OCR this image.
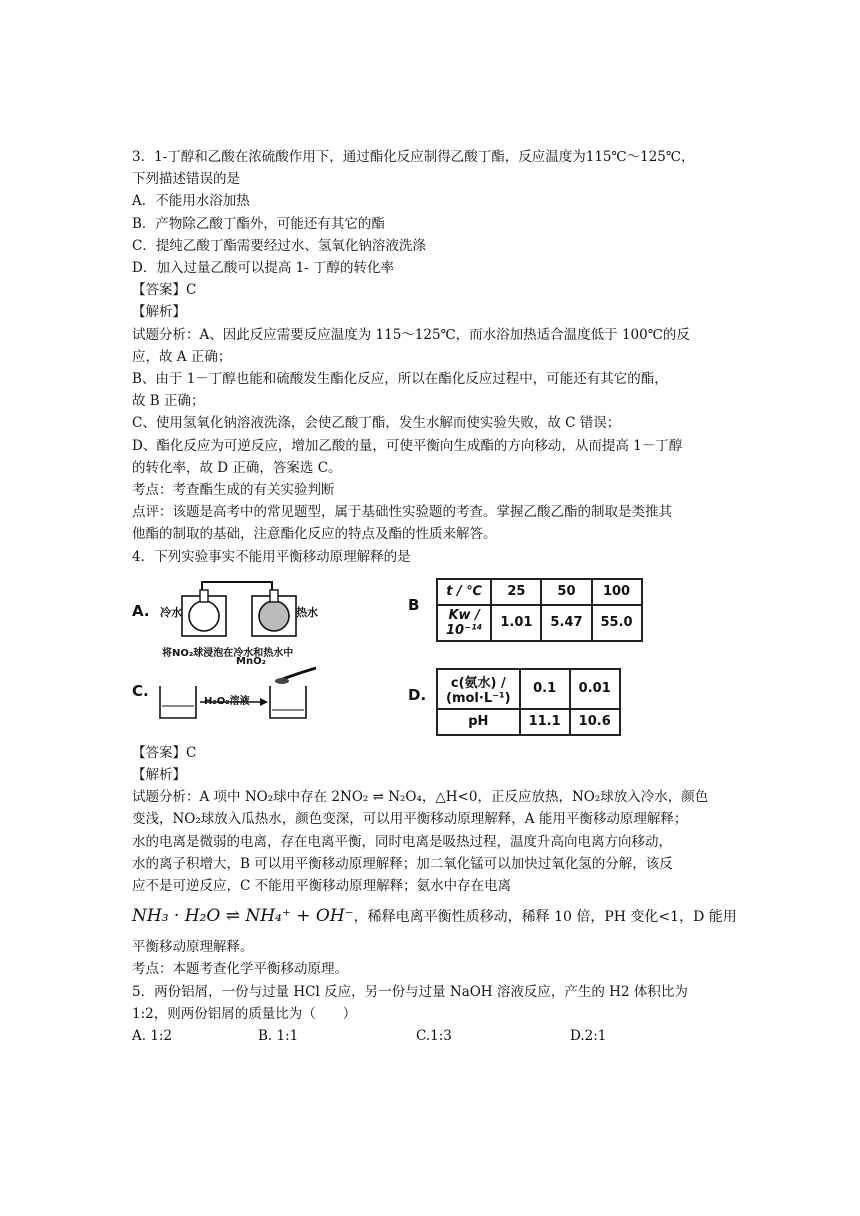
3．1-丁醇和乙酸在浓硫酸作用下，通过酯化反应制得乙酸丁酯，反应温度为115℃～125℃，
下列描述错误的是
A．不能用水浴加热
B．产物除乙酸丁酯外，可能还有其它的酯
C．提纯乙酸丁酯需要经过水、氢氧化钠溶液洗涤
D．加入过量乙酸可以提高 1- 丁醇的转化率
【答案】C
【解析】
试题分析：A、因此反应需要反应温度为 115～125℃，而水浴加热适合温度低于 100℃的反
应，故 A 正确；
B、由于 1－丁醇也能和硫酸发生酯化反应，所以在酯化反应过程中，可能还有其它的酯，
故 B 正确；
C、使用氢氧化钠溶液洗涤，会使乙酸丁酯，发生水解而使实验失败，故 C 错误；
D、酯化反应为可逆反应，增加乙酸的量，可使平衡向生成酯的方向移动，从而提高 1－丁醇
的转化率，故 D 正确，答案选 C。
考点：考查酯生成的有关实验判断
点评：该题是高考中的常见题型，属于基础性实验题的考查。掌握乙酸乙酯的制取是类推其
他酯的制取的基础，注意酯化反应的特点及酯的性质来解答。
4．下列实验事实不能用平衡移动原理解释的是
A. 冷水	热水
将NO₂球浸泡在冷水和热水中
B
t / ℃	25	50	100
Kw / 10⁻¹⁴	1.01	5.47	55.0
C.
MnO₂
H₂O₂溶液	D.
c(氨水) / (mol·L⁻¹)	0.1	0.01
pH	11.1	10.6
【答案】C
【解析】
试题分析：A 项中 NO₂球中存在 2NO₂ ⇌ N₂O₄，△H<0，正反应放热，NO₂球放入冷水，颜色
变浅，NO₂球放入瓜热水，颜色变深，可以用平衡移动原理解释，A 能用平衡移动原理解释；
水的电离是微弱的电离，存在电离平衡，同时电离是吸热过程，温度升高向电离方向移动，
水的离子积增大，B 可以用平衡移动原理解释；加二氧化锰可以加快过氧化氢的分解，该反
应不是可逆反应，C 不能用平衡移动原理解释；氨水中存在电离
NH₃ · H₂O ⇌ NH₄⁺ + OH⁻，稀释电离平衡性质移动，稀释 10 倍，PH 变化<1，D 能用
平衡移动原理解释。
考点：本题考查化学平衡移动原理。
5．两份铝屑，一份与过量 HCl 反应，另一份与过量 NaOH 溶液反应，产生的 H2 体积比为
1:2，则两份铝屑的质量比为（　　）
A. 1:2	B. 1:1	C.1:3	D.2:1
